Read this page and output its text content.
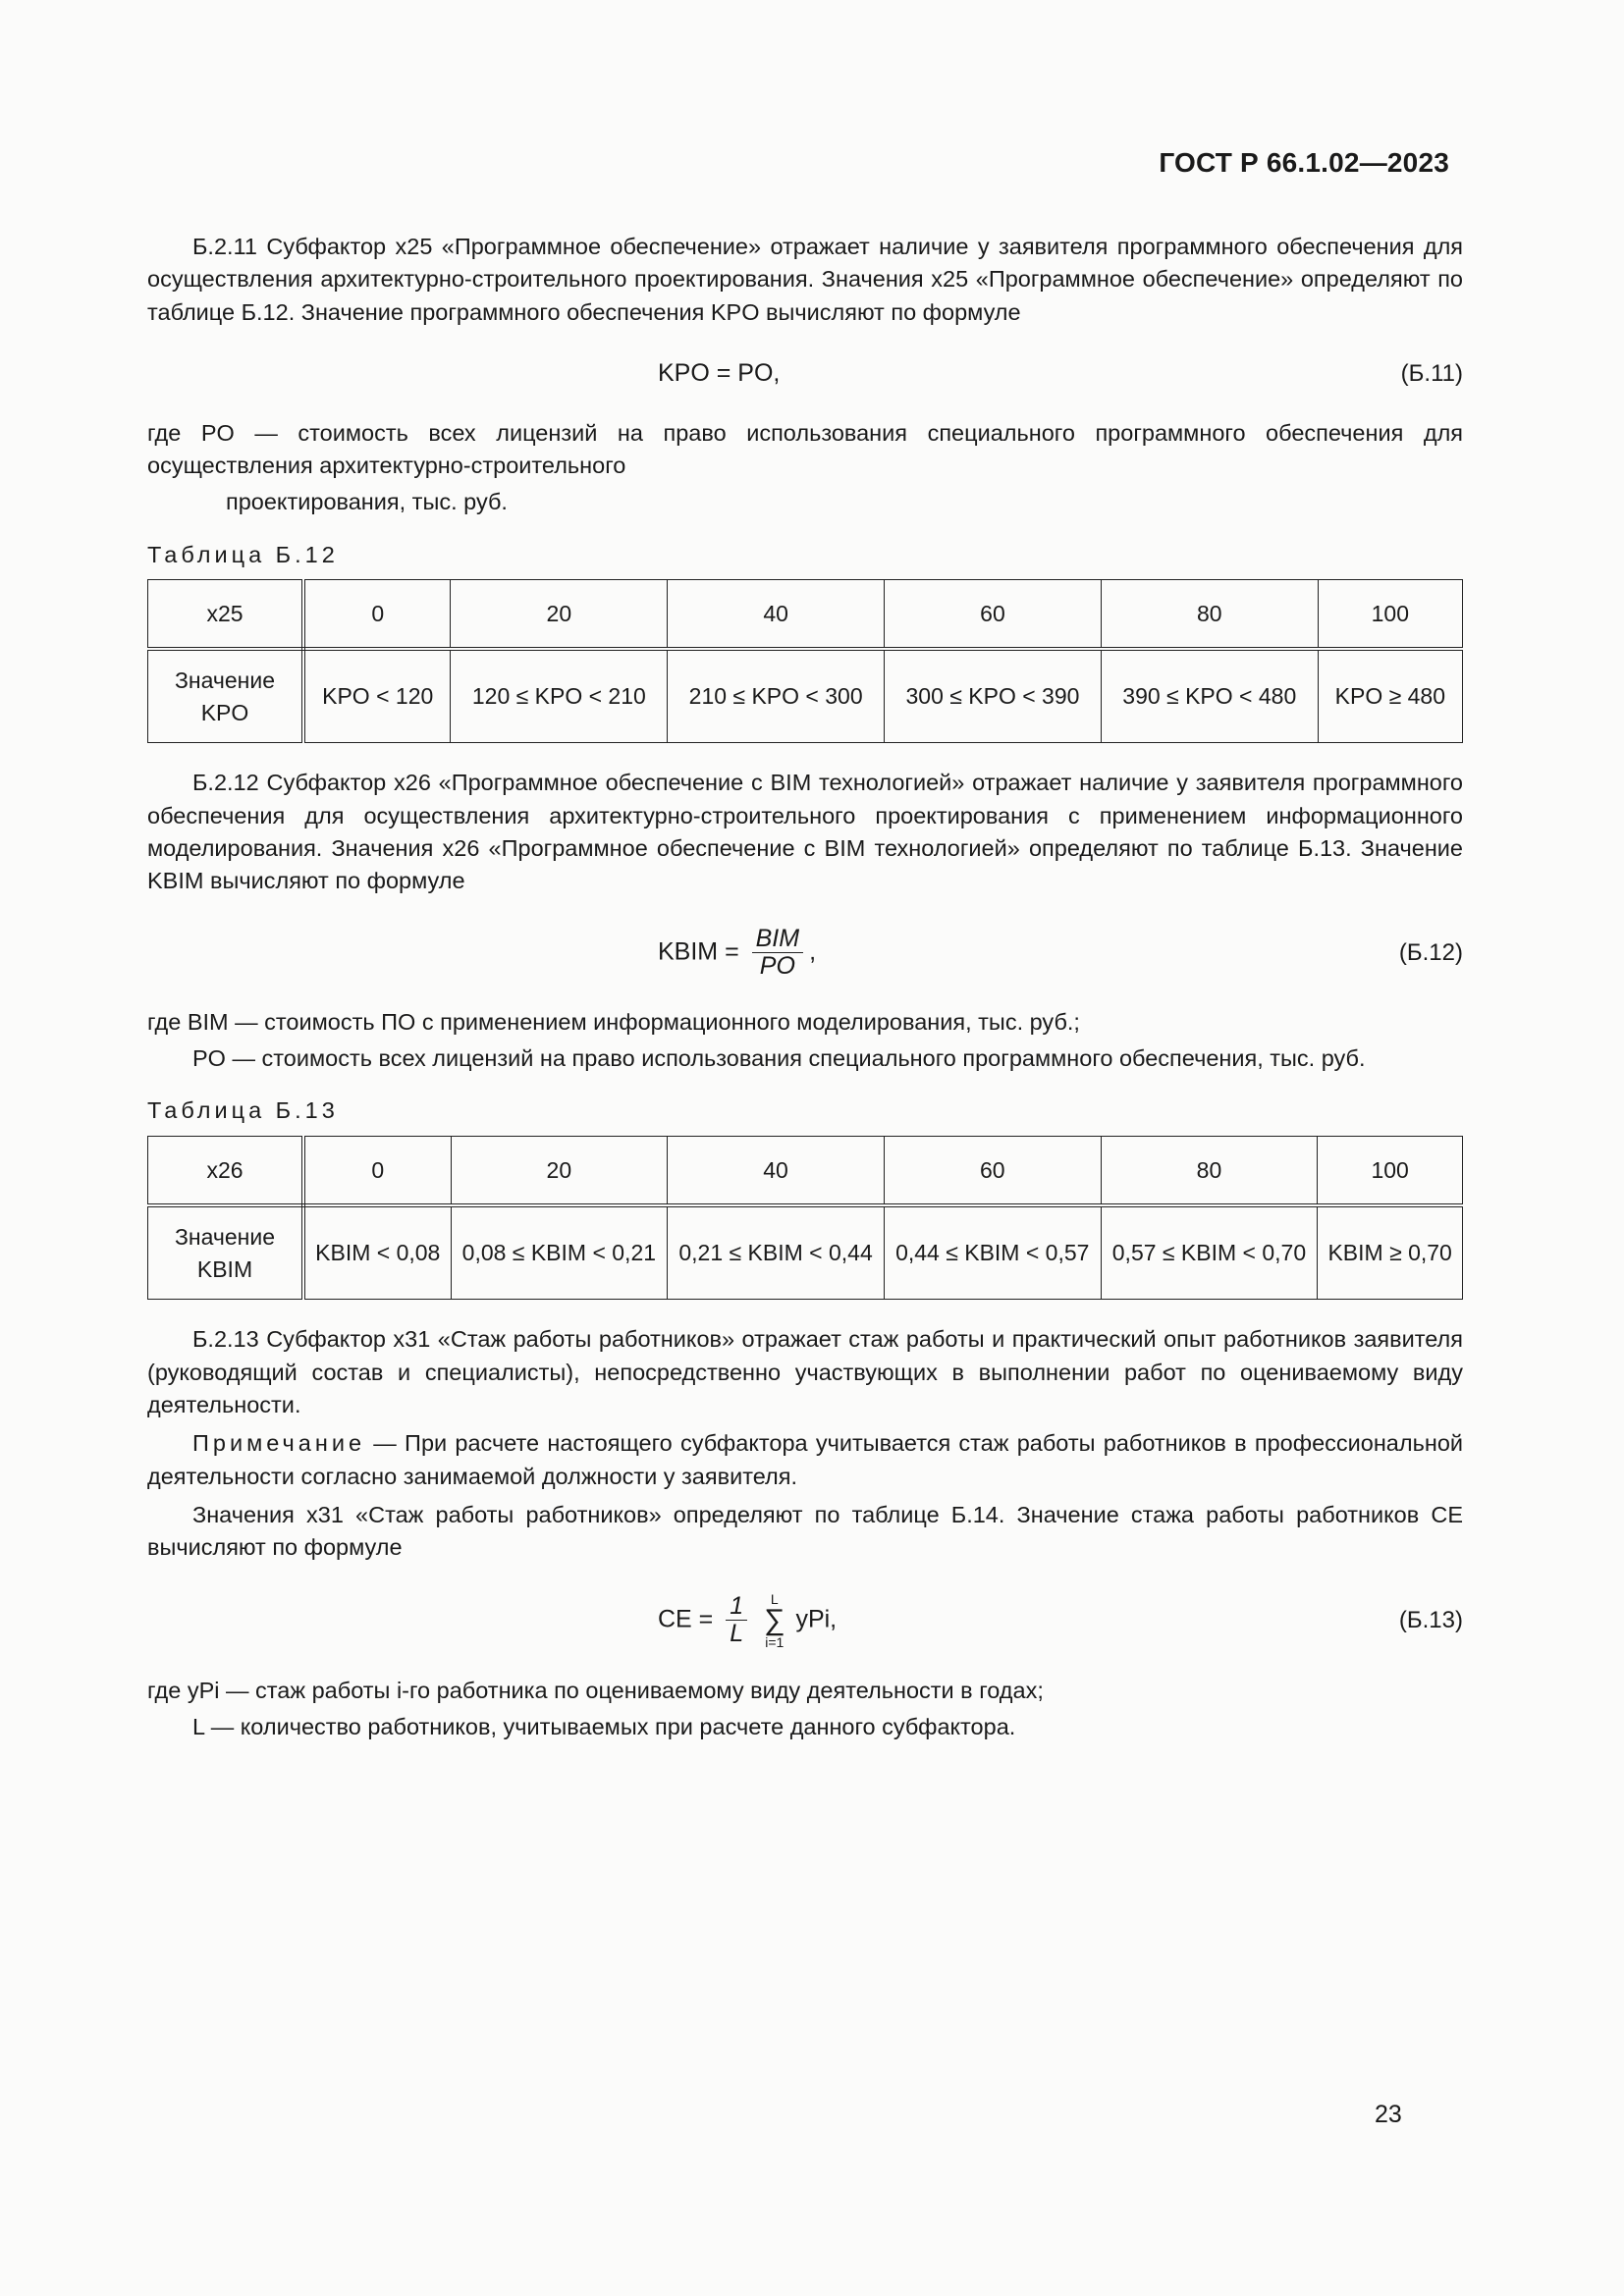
ГОСТ Р 66.1.02—2023

Б.2.11 Субфактор x25 «Программное обеспечение» отражает наличие у заявителя программного обеспечения для осуществления архитектурно-строительного проектирования. Значения x25 «Программное обеспечение» определяют по таблице Б.12. Значение программного обеспечения KPO вычисляют по формуле

KPO = PO,	(Б.11)

где PO — стоимость всех лицензий на право использования специального программного обеспечения для осуществления архитектурно-строительного

проектирования, тыс. руб.

Таблица Б.12
x25	0	20	40	60	80	100
Значение KPO	KPO < 120	120 ≤ KPO < 210	210 ≤ KPO < 300	300 ≤ KPO < 390	390 ≤ KPO < 480	KPO ≥ 480

Б.2.12 Субфактор x26 «Программное обеспечение с BIM технологией» отражает наличие у заявителя программного обеспечения для осуществления архитектурно-строительного проектирования с применением информационного моделирования. Значения x26 «Программное обеспечение с BIM технологией» определяют по таблице Б.13. Значение KBIM вычисляют по формуле

KBIM = $\frac{\text{BIM}}{PO}$ ,	(Б.12)

где BIM — стоимость ПО с применением информационного моделирования, тыс. руб.;

PO — стоимость всех лицензий на право использования специального программного обеспечения, тыс. руб.

Таблица Б.13
x26	0	20	40	60	80	100
Значение KBIM	KBIM < 0,08	0,08 ≤ KBIM < 0,21	0,21 ≤ KBIM < 0,44	0,44 ≤ KBIM < 0,57	0,57 ≤ KBIM < 0,70	KBIM ≥ 0,70

Б.2.13 Субфактор x31 «Стаж работы работников» отражает стаж работы и практический опыт работников заявителя (руководящий состав и специалисты), непосредственно участвующих в выполнении работ по оцениваемому виду деятельности.

Примечание — При расчете настоящего субфактора учитывается стаж работы работников в профессиональной деятельности согласно занимаемой должности у заявителя.

Значения x31 «Стаж работы работников» определяют по таблице Б.14. Значение стажа работы работников CE вычисляют по формуле

CE = $\frac{1}{L}$
L
∑
i=1
yPi,	(Б.13)

где yPi — стаж работы i-го работника по оцениваемому виду деятельности в годах;

L — количество работников, учитываемых при расчете данного субфактора.

23
